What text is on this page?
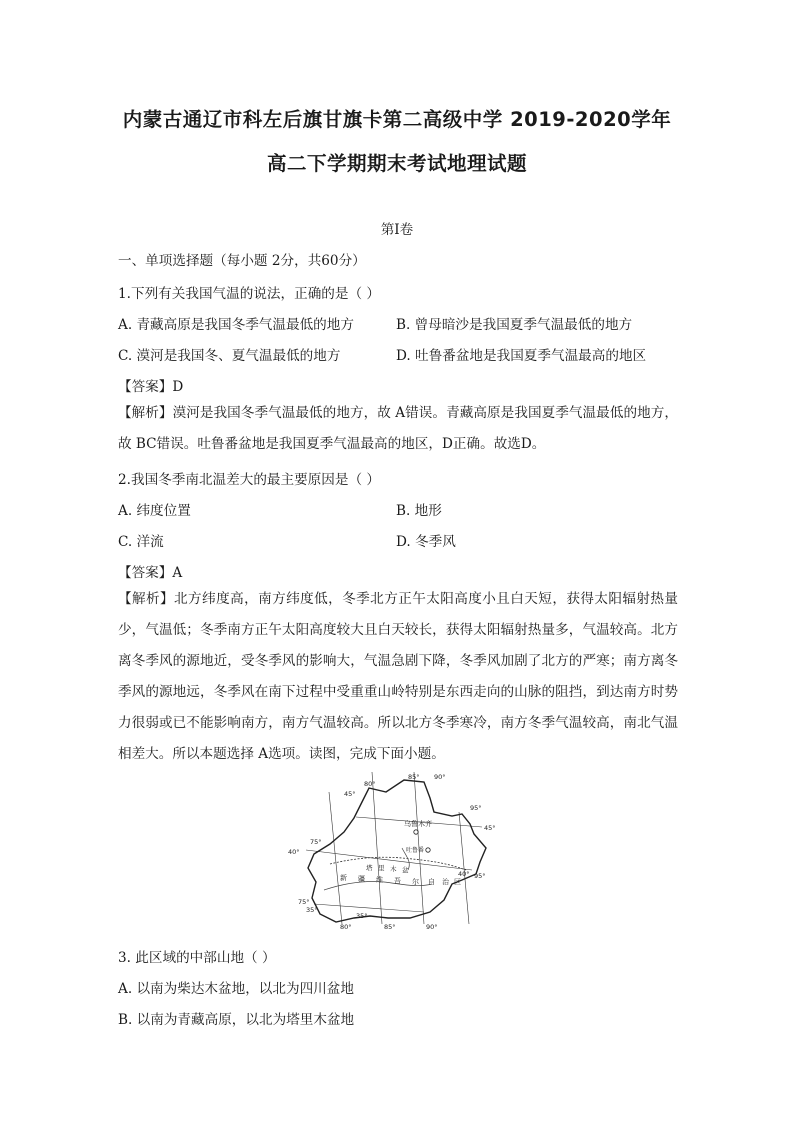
内蒙古通辽市科左后旗甘旗卡第二高级中学 2019-2020学年
高二下学期期末考试地理试题
第Ⅰ卷
一、单项选择题（每小题 2分，共60分）
1.下列有关我国气温的说法，正确的是（ ）
A. 青藏高原是我国冬季气温最低的地方	B. 曾母暗沙是我国夏季气温最低的地方
C. 漠河是我国冬、夏气温最低的地方	D. 吐鲁番盆地是我国夏季气温最高的地区
【答案】D
【解析】漠河是我国冬季气温最低的地方，故 A错误。青藏高原是我国夏季气温最低的地方，故 BC错误。吐鲁番盆地是我国夏季气温最高的地区，D正确。故选D。
2.我国冬季南北温差大的最主要原因是（ ）
A. 纬度位置	B. 地形
C. 洋流	D. 冬季风
【答案】A
【解析】北方纬度高，南方纬度低，冬季北方正午太阳高度小且白天短，获得太阳辐射热量少，气温低；冬季南方正午太阳高度较大且白天较长，获得太阳辐射热量多，气温较高。北方离冬季风的源地近，受冬季风的影响大，气温急剧下降，冬季风加剧了北方的严寒；南方离冬季风的源地远，冬季风在南下过程中受重重山岭特别是东西走向的山脉的阻挡，到达南方时势力很弱或已不能影响南方，南方气温较高。所以北方冬季寒冷，南方冬季气温较高，南北气温相差大。所以本题选择 A选项。读图，完成下面小题。
80°
85° 90°
95°
45°
45°
75°
40°
40° 95°
75°
35°
80°
35°
85°	90°
乌鲁木齐
吐鲁番
塔 里 木 盆
新 疆 维 吾 尔 自 治 区
3. 此区域的中部山地（ ）
A. 以南为柴达木盆地，以北为四川盆地
B. 以南为青藏高原，以北为塔里木盆地
